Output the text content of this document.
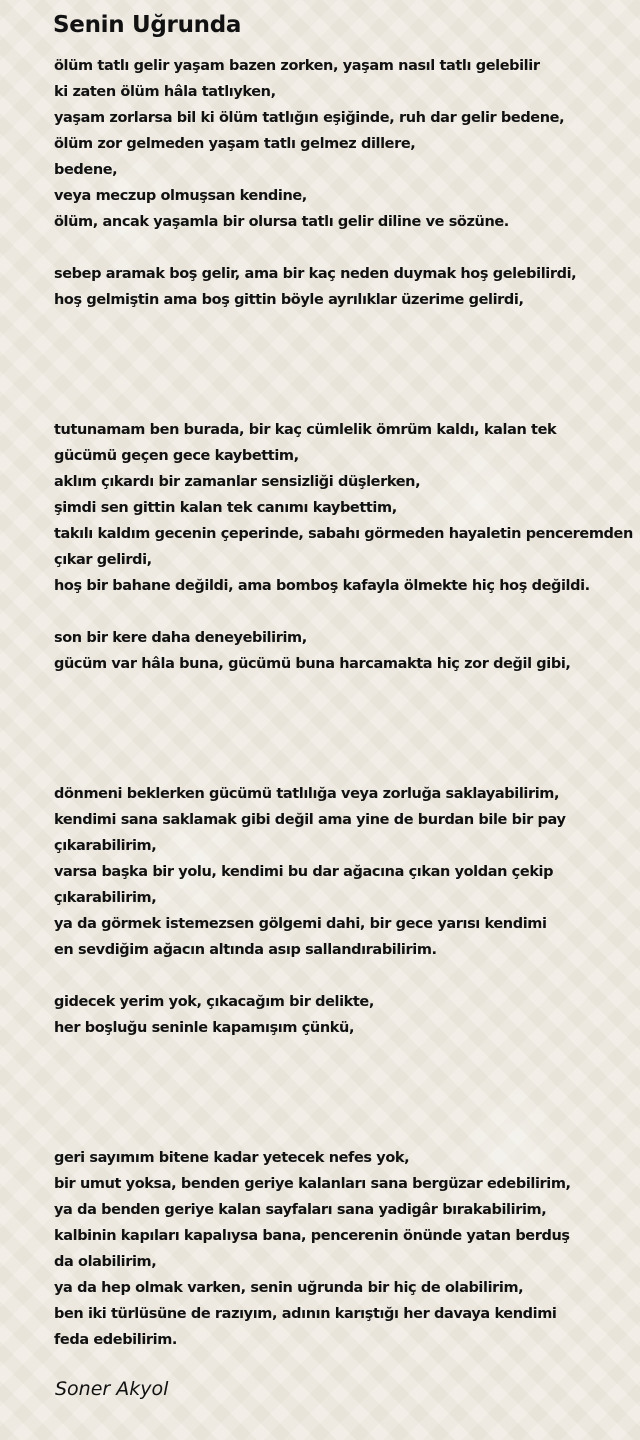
Senin Uğrunda
ölüm tatlı gelir yaşam bazen zorken, yaşam nasıl tatlı gelebilir
ki zaten ölüm hâla tatlıyken,
yaşam zorlarsa bil ki ölüm tatlığın eşiğinde, ruh dar gelir bedene,
ölüm zor gelmeden yaşam tatlı gelmez dillere,
bedene,
veya meczup olmuşsan kendine,
ölüm, ancak yaşamla bir olursa tatlı gelir diline ve sözüne.
sebep aramak boş gelir, ama bir kaç neden duymak hoş gelebilirdi,
hoş gelmiştin ama boş gittin böyle ayrılıklar üzerime gelirdi,
tutunamam ben burada, bir kaç cümlelik ömrüm kaldı, kalan tek
gücümü geçen gece kaybettim,
aklım çıkardı bir zamanlar sensizliği düşlerken,
şimdi sen gittin kalan tek canımı kaybettim,
takılı kaldım gecenin çeperinde, sabahı görmeden hayaletin penceremden
çıkar gelirdi,
hoş bir bahane değildi, ama bomboş kafayla ölmekte hiç hoş değildi.
son bir kere daha deneyebilirim,
gücüm var hâla buna, gücümü buna harcamakta hiç zor değil gibi,
dönmeni beklerken gücümü tatlılığa veya zorluğa saklayabilirim,
kendimi sana saklamak gibi değil ama yine de burdan bile bir pay
çıkarabilirim,
varsa başka bir yolu, kendimi bu dar ağacına çıkan yoldan çekip
çıkarabilirim,
ya da görmek istemezsen gölgemi dahi, bir gece yarısı kendimi
en sevdiğim ağacın altında asıp sallandırabilirim.
gidecek yerim yok, çıkacağım bir delikte,
her boşluğu seninle kapamışım çünkü,
geri sayımım bitene kadar yetecek nefes yok,
bir umut yoksa, benden geriye kalanları sana bergüzar edebilirim,
ya da benden geriye kalan sayfaları sana yadigâr bırakabilirim,
kalbinin kapıları kapalıysa bana, pencerenin önünde yatan berduş
da olabilirim,
ya da hep olmak varken, senin uğrunda bir hiç de olabilirim,
ben iki türlüsüne de razıyım, adının karıştığı her davaya kendimi
feda edebilirim.

Soner Akyol
